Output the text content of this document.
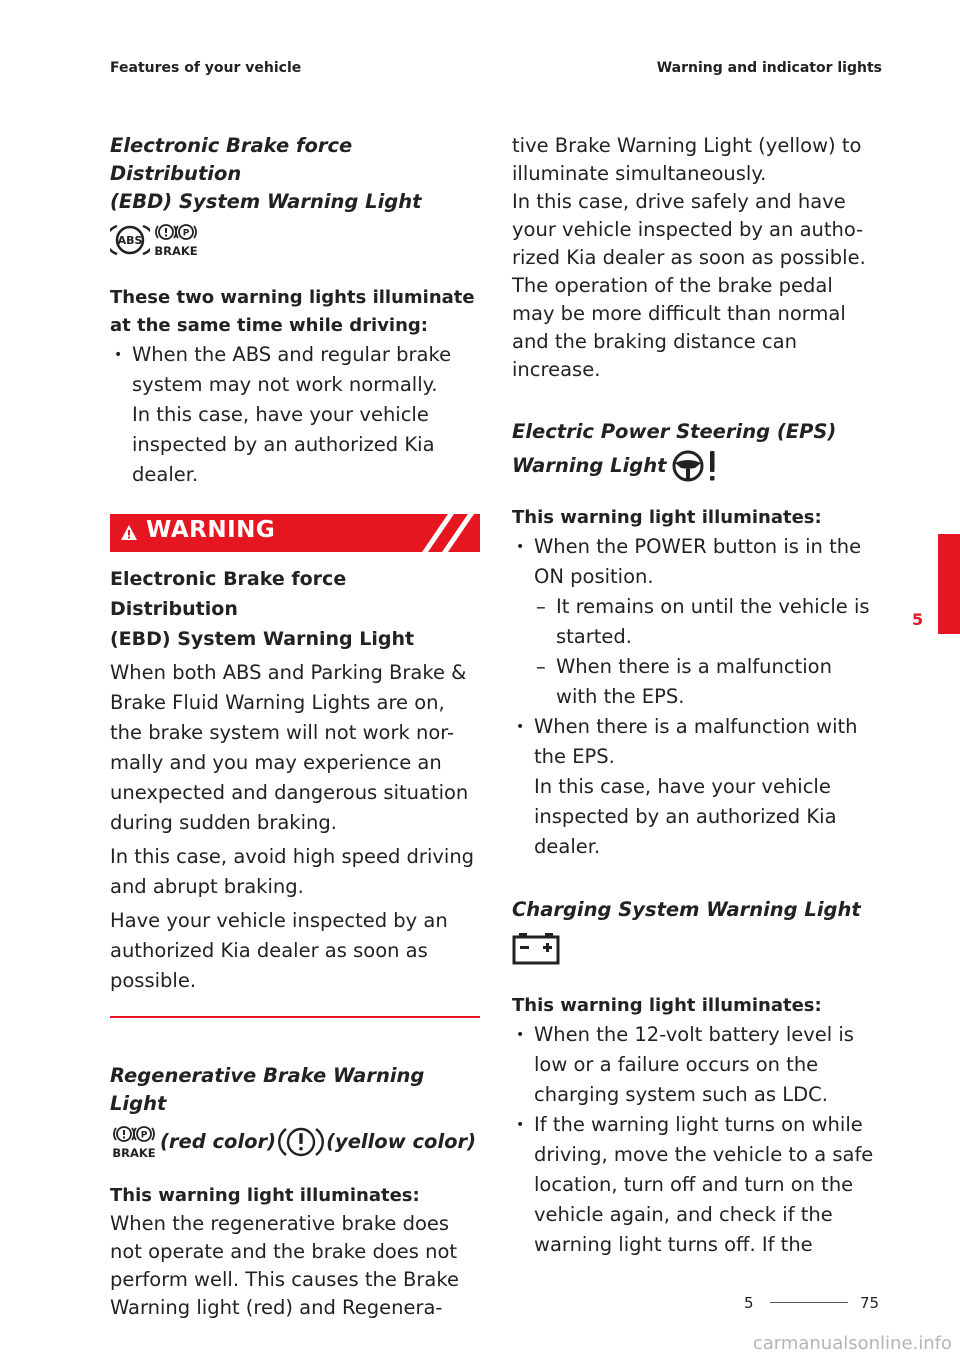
Features of your vehicle	Warning and indicator lights

Electronic Brake force Distribution

(EBD) System Warning Light

ABS
P
BRAKE

These two warning lights illuminate

at the same time while driving:

• When the ABS and regular brake
system may not work normally.
In this case, have your vehicle
inspected by an authorized Kia
dealer.
WARNING

Electronic Brake force Distribution

(EBD) System Warning Light

When both ABS and Parking Brake &

Brake Fluid Warning Lights are on,

the brake system will not work nor-

mally and you may experience an

unexpected and dangerous situation

during sudden braking.

In this case, avoid high speed driving

and abrupt braking.

Have your vehicle inspected by an

authorized Kia dealer as soon as

possible.

Regenerative Brake Warning Light

P
BRAKE (red color)	(yellow color)

This warning light illuminates:

When the regenerative brake does

not operate and the brake does not

perform well. This causes the Brake

Warning light (red) and Regenera-

tive Brake Warning Light (yellow) to

illuminate simultaneously.

In this case, drive safely and have

your vehicle inspected by an autho-

rized Kia dealer as soon as possible.

The operation of the brake pedal

may be more difficult than normal

and the braking distance can

increase.

Electric Power Steering (EPS)

Warning Light

This warning light illuminates:

• When the POWER button is in the
ON position.
– It remains on until the vehicle is
started.
– When there is a malfunction
with the EPS.
• When there is a malfunction with
the EPS.
In this case, have your vehicle
inspected by an authorized Kia
dealer.

Charging System Warning Light

This warning light illuminates:

• When the 12-volt battery level is
low or a failure occurs on the
charging system such as LDC.
• If the warning light turns on while
driving, move the vehicle to a safe
location, turn off and turn on the
vehicle again, and check if the
warning light turns off. If the
5
5	75
carmanualsonline.info
